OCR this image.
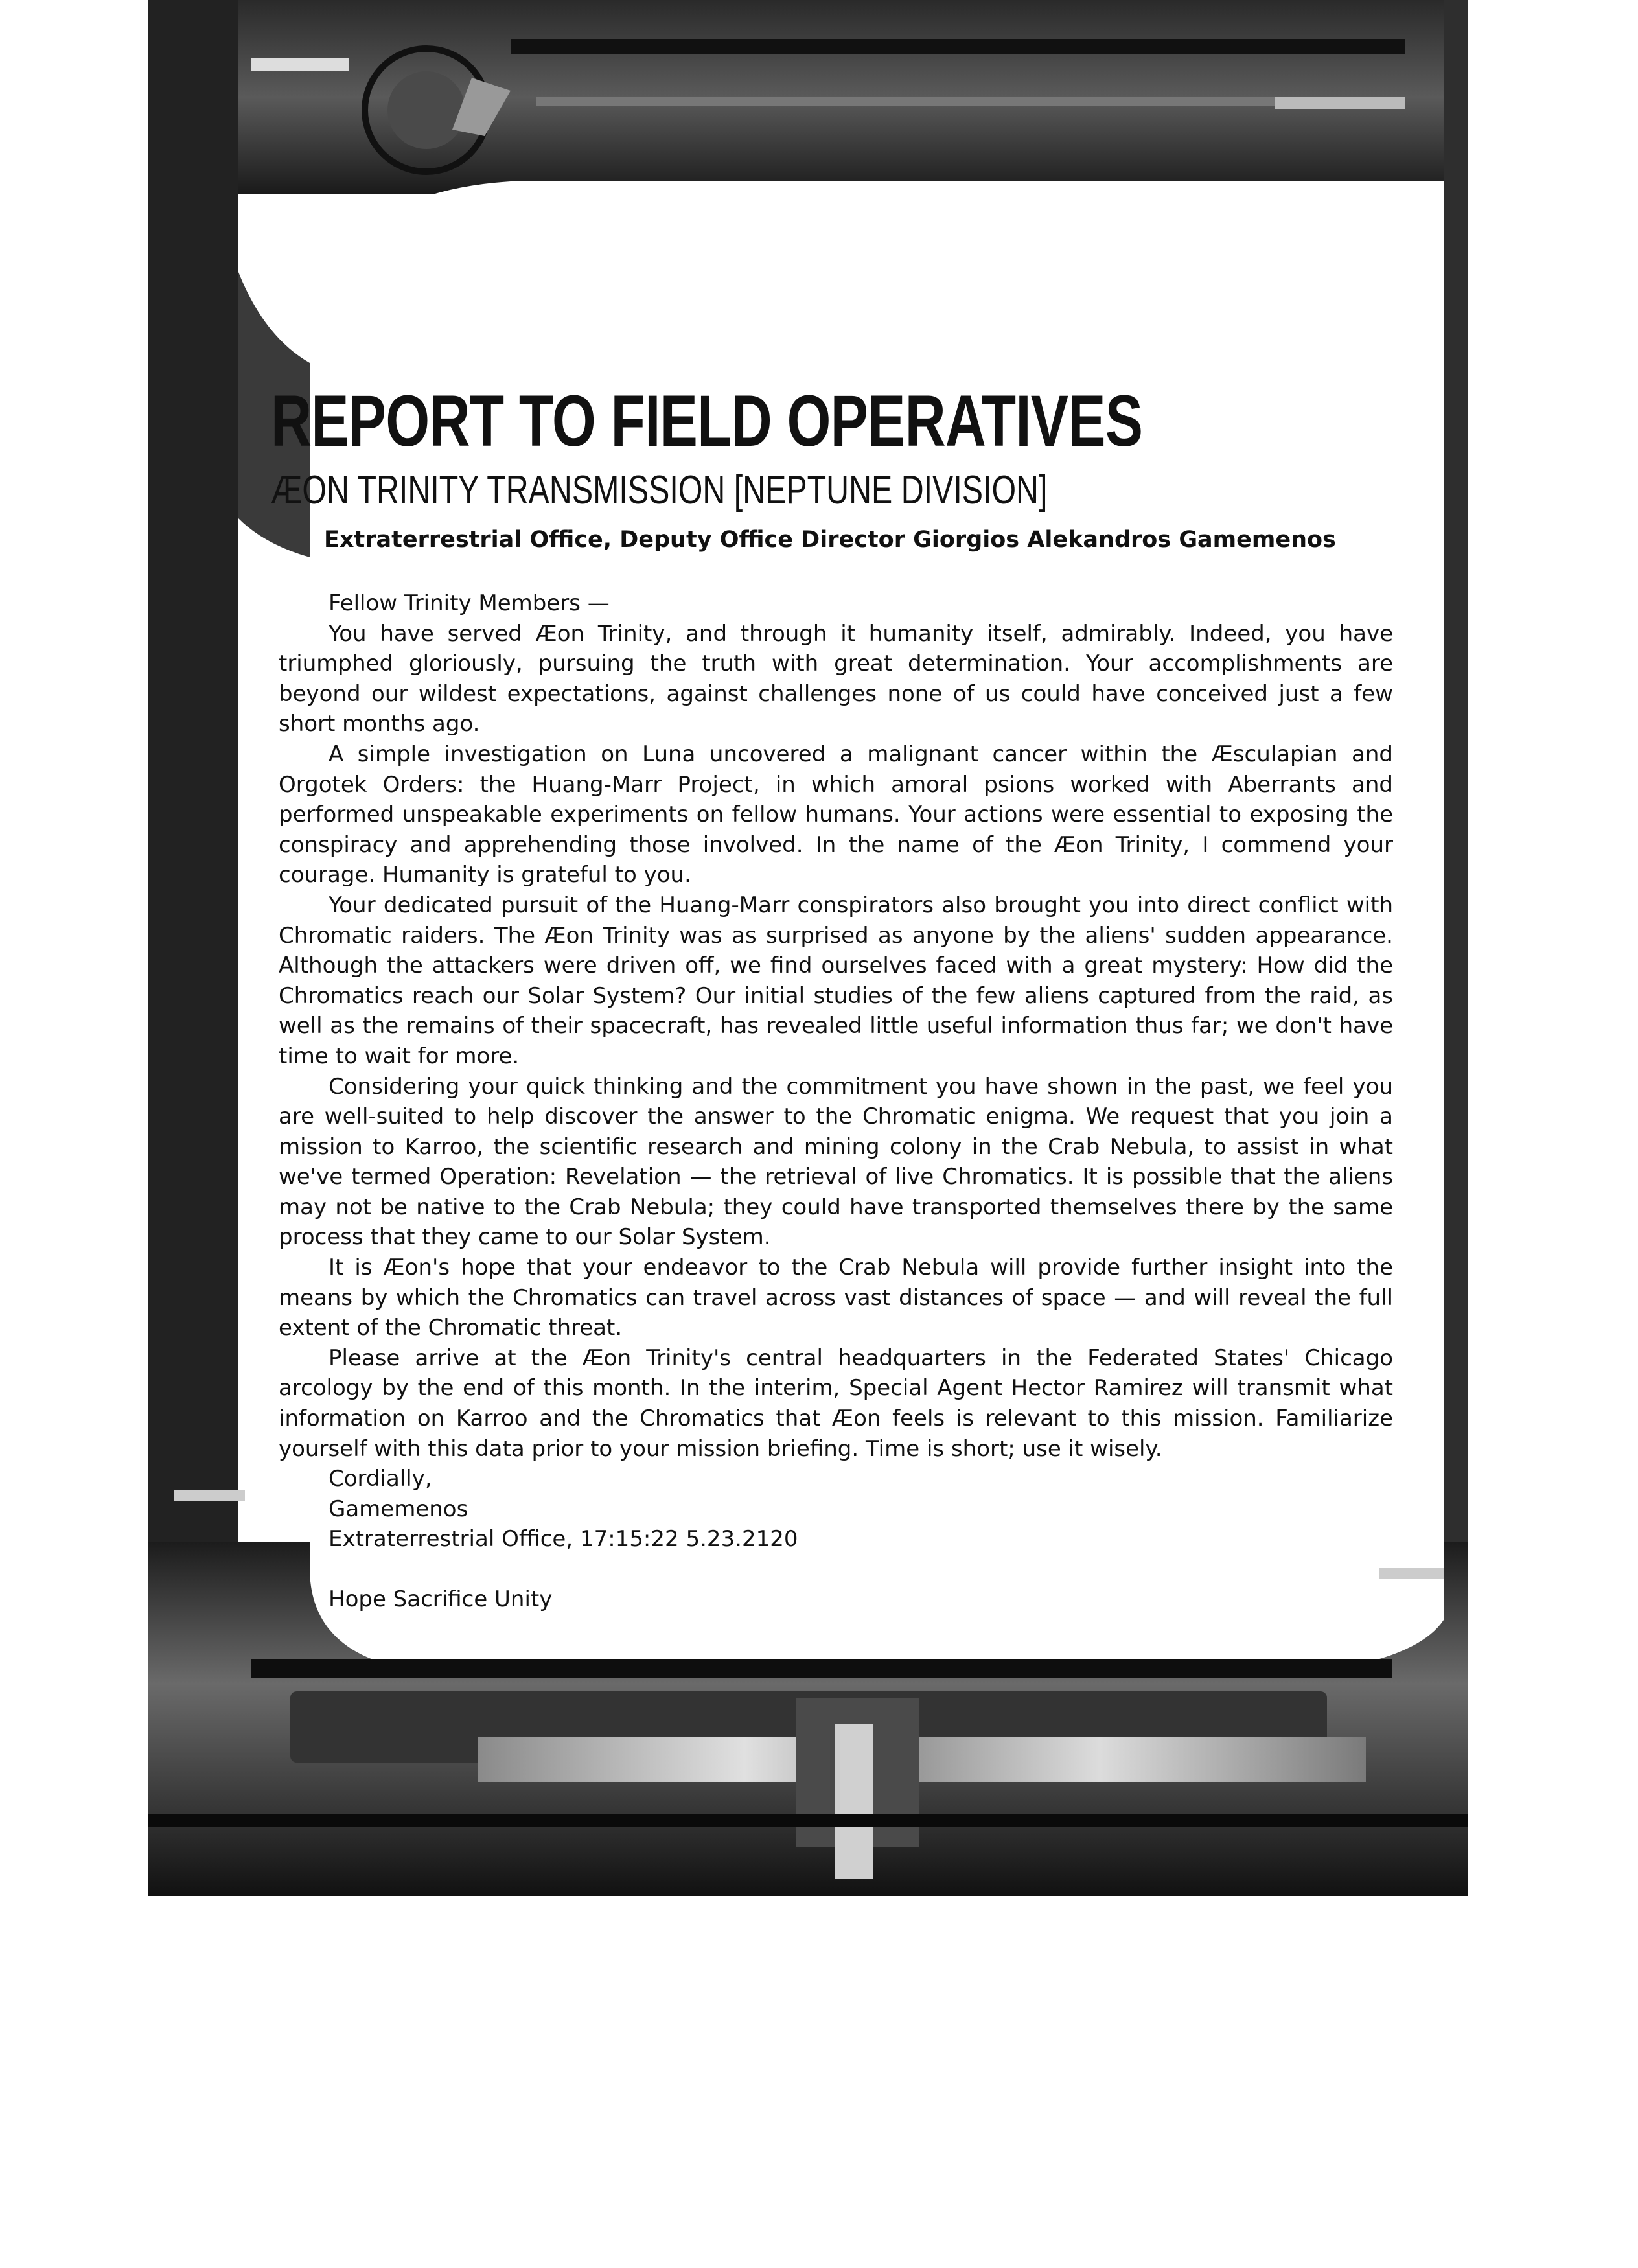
REPORT TO FIELD OPERATIVES
ÆON TRINITY TRANSMISSION [NEPTUNE DIVISION]
Extraterrestrial Office, Deputy Office Director Giorgios Alekandros Gamemenos

Fellow Trinity Members —

You have served Æon Trinity, and through it humanity itself, admirably. Indeed, you have triumphed gloriously, pursuing the truth with great determination. Your accomplishments are beyond our wildest expectations, against challenges none of us could have conceived just a few short months ago.

A simple investigation on Luna uncovered a malignant cancer within the Æsculapian and Orgotek Orders: the Huang-Marr Project, in which amoral psions worked with Aberrants and performed unspeakable experiments on fellow humans. Your actions were essential to exposing the conspiracy and apprehending those involved. In the name of the Æon Trinity, I commend your courage. Humanity is grateful to you.

Your dedicated pursuit of the Huang-Marr conspirators also brought you into direct conflict with Chromatic raiders. The Æon Trinity was as surprised as anyone by the aliens' sudden appearance. Although the attackers were driven off, we find ourselves faced with a great mystery: How did the Chromatics reach our Solar System? Our initial studies of the few aliens captured from the raid, as well as the remains of their spacecraft, has revealed little useful information thus far; we don't have time to wait for more.

Considering your quick thinking and the commitment you have shown in the past, we feel you are well-suited to help discover the answer to the Chromatic enigma. We request that you join a mission to Karroo, the scientific research and mining colony in the Crab Nebula, to assist in what we've termed Operation: Revelation — the retrieval of live Chromatics. It is possible that the aliens may not be native to the Crab Nebula; they could have transported themselves there by the same process that they came to our Solar System.

It is Æon's hope that your endeavor to the Crab Nebula will provide further insight into the means by which the Chromatics can travel across vast distances of space — and will reveal the full extent of the Chromatic threat.

Please arrive at the Æon Trinity's central headquarters in the Federated States' Chicago arcology by the end of this month. In the interim, Special Agent Hector Ramirez will transmit what information on Karroo and the Chromatics that Æon feels is relevant to this mission. Familiarize yourself with this data prior to your mission briefing. Time is short; use it wisely.

Cordially,

Gamemenos

Extraterrestrial Office, 17:15:22 5.23.2120

Hope Sacrifice Unity
